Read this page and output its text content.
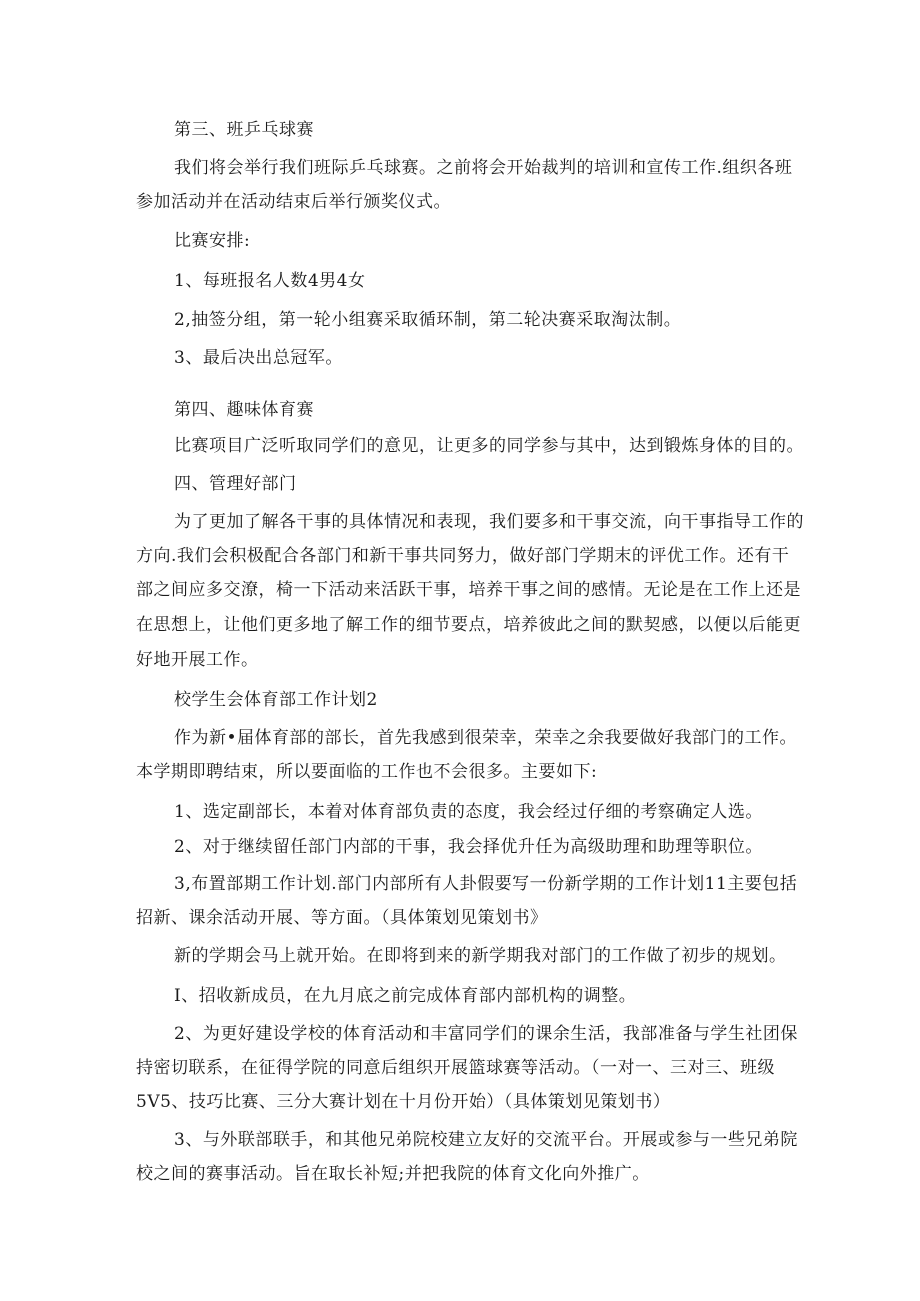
第三、班乒乓球赛
我们将会举行我们班际乒乓球赛。之前将会开始裁判的培训和宣传工作.组织各班
参加活动并在活动结束后举行颁奖仪式。
比赛安排:
1、每班报名人数4男4女
2,抽签分组，第一轮小组赛采取循环制，第二轮决赛采取淘汰制。
3、最后决出总冠军。
第四、趣味体育赛
比赛项目广泛听取同学们的意见，让更多的同学参与其中，达到锻炼身体的目的。
四、管理好部门
为了更加了解各干事的具体情况和表现，我们要多和干事交流，向干事指导工作的
方向.我们会积极配合各部门和新干事共同努力，做好部门学期末的评优工作。还有干
部之间应多交潦，椅一下活动来活跃干事，培养干事之间的感情。无论是在工作上还是
在思想上，让他们更多地了解工作的细节要点，培养彼此之间的默契感，以便以后能更
好地开展工作。
校学生会体育部工作计划2
作为新•届体育部的部长，首先我感到很荣幸，荣幸之余我要做好我部门的工作。
本学期即聘结束，所以要面临的工作也不会很多。主要如下:
1、选定副部长，本着对体育部负责的态度，我会经过仔细的考察确定人选。
2、对于继续留任部门内部的干事，我会择优升任为高级助理和助理等职位。
3,布置部期工作计划.部门内部所有人卦假要写一份新学期的工作计划11主要包括
招新、课余活动开展、等方面。（具体策划见策划书》
新的学期会马上就开始。在即将到来的新学期我对部门的工作做了初步的规划。
I、招收新成员，在九月底之前完成体育部内部机构的调整。
2、为更好建设学校的体育活动和丰富同学们的课余生活，我部准备与学生社团保
持密切联系，在征得学院的同意后组织开展篮球赛等活动。（一对一、三对三、班级
5V5、技巧比赛、三分大赛计划在十月份开始）（具体策划见策划书）
3、与外联部联手，和其他兄弟院校建立友好的交流平台。开展或参与一些兄弟院
校之间的赛事活动。旨在取长补短;并把我院的体育文化向外推广。
